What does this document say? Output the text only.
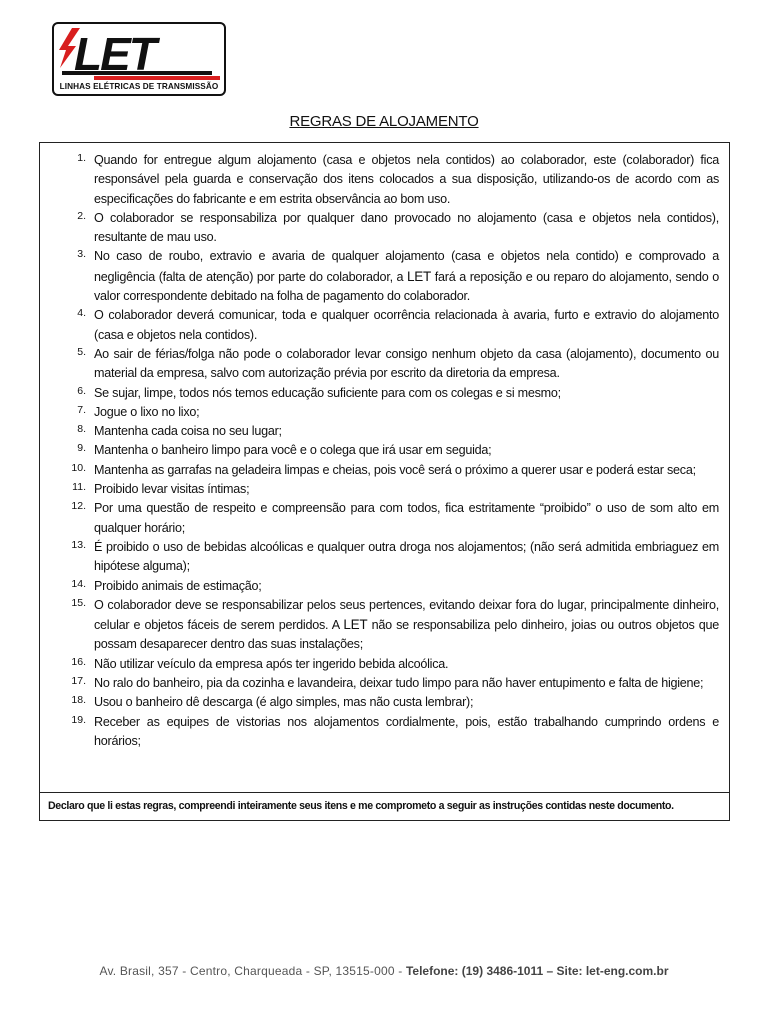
LET
LINHAS ELÉTRICAS DE TRANSMISSÃO
REGRAS DE ALOJAMENTO
1. Quando for entregue algum alojamento (casa e objetos nela contidos) ao colaborador, este (colaborador) fica responsável pela guarda e conservação dos itens colocados a sua disposição, utilizando-os de acordo com as especificações do fabricante e em estrita observância ao bom uso.
2. O colaborador se responsabiliza por qualquer dano provocado no alojamento (casa e objetos nela contidos), resultante de mau uso.
3. No caso de roubo, extravio e avaria de qualquer alojamento (casa e objetos nela contido) e comprovado a negligência (falta de atenção) por parte do colaborador, a LET fará a reposição e ou reparo do alojamento, sendo o valor correspondente debitado na folha de pagamento do colaborador.
4. O colaborador deverá comunicar, toda e qualquer ocorrência relacionada à avaria, furto e extravio do alojamento (casa e objetos nela contidos).
5. Ao sair de férias/folga não pode o colaborador levar consigo nenhum objeto da casa (alojamento), documento ou material da empresa, salvo com autorização prévia por escrito da diretoria da empresa.
6. Se sujar, limpe, todos nós temos educação suficiente para com os colegas e si mesmo;
7. Jogue o lixo no lixo;
8. Mantenha cada coisa no seu lugar;
9. Mantenha o banheiro limpo para você e o colega que irá usar em seguida;
10. Mantenha as garrafas na geladeira limpas e cheias, pois você será o próximo a querer usar e poderá estar seca;
11. Proibido levar visitas íntimas;
12. Por uma questão de respeito e compreensão para com todos, fica estritamente “proibido” o uso de som alto em qualquer horário;
13. É proibido o uso de bebidas alcoólicas e qualquer outra droga nos alojamentos; (não será admitida embriaguez em hipótese alguma);
14. Proibido animais de estimação;
15. O colaborador deve se responsabilizar pelos seus pertences, evitando deixar fora do lugar, principalmente dinheiro, celular e objetos fáceis de serem perdidos. A LET não se responsabiliza pelo dinheiro, joias ou outros objetos que possam desaparecer dentro das suas instalações;
16. Não utilizar veículo da empresa após ter ingerido bebida alcoólica.
17. No ralo do banheiro, pia da cozinha e lavandeira, deixar tudo limpo para não haver entupimento e falta de higiene;
18. Usou o banheiro dê descarga (é algo simples, mas não custa lembrar);
19. Receber as equipes de vistorias nos alojamentos cordialmente, pois, estão trabalhando cumprindo ordens e horários;
Declaro que li estas regras, compreendi inteiramente seus itens e me comprometo a seguir as instruções contidas neste documento.
Av. Brasil, 357 - Centro, Charqueada - SP, 13515-000 - Telefone: (19) 3486-1011 – Site: let-eng.com.br
